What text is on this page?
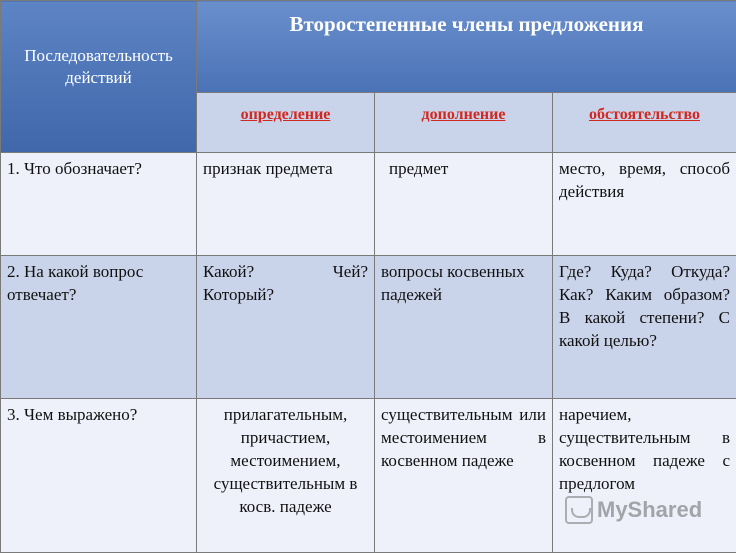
Последовательность действий	Второстепенные члены предложения		
	определение	дополнение	обстоятельство
1. Что обозначает?	признак предмета	предмет	место, время, способ действия
2. На какой вопрос отвечает?	Какой? Чей? Который?	вопросы косвенных падежей	Где? Куда? Откуда? Как? Каким образом? В какой степени? С какой целью?
3. Чем выражено?	прилагательным, причастием, местоимением, существительным в косв. падеже	существительным или местоимением в косвенном падеже	наречием, существительным в косвенном падеже с предлогом
MyShared
